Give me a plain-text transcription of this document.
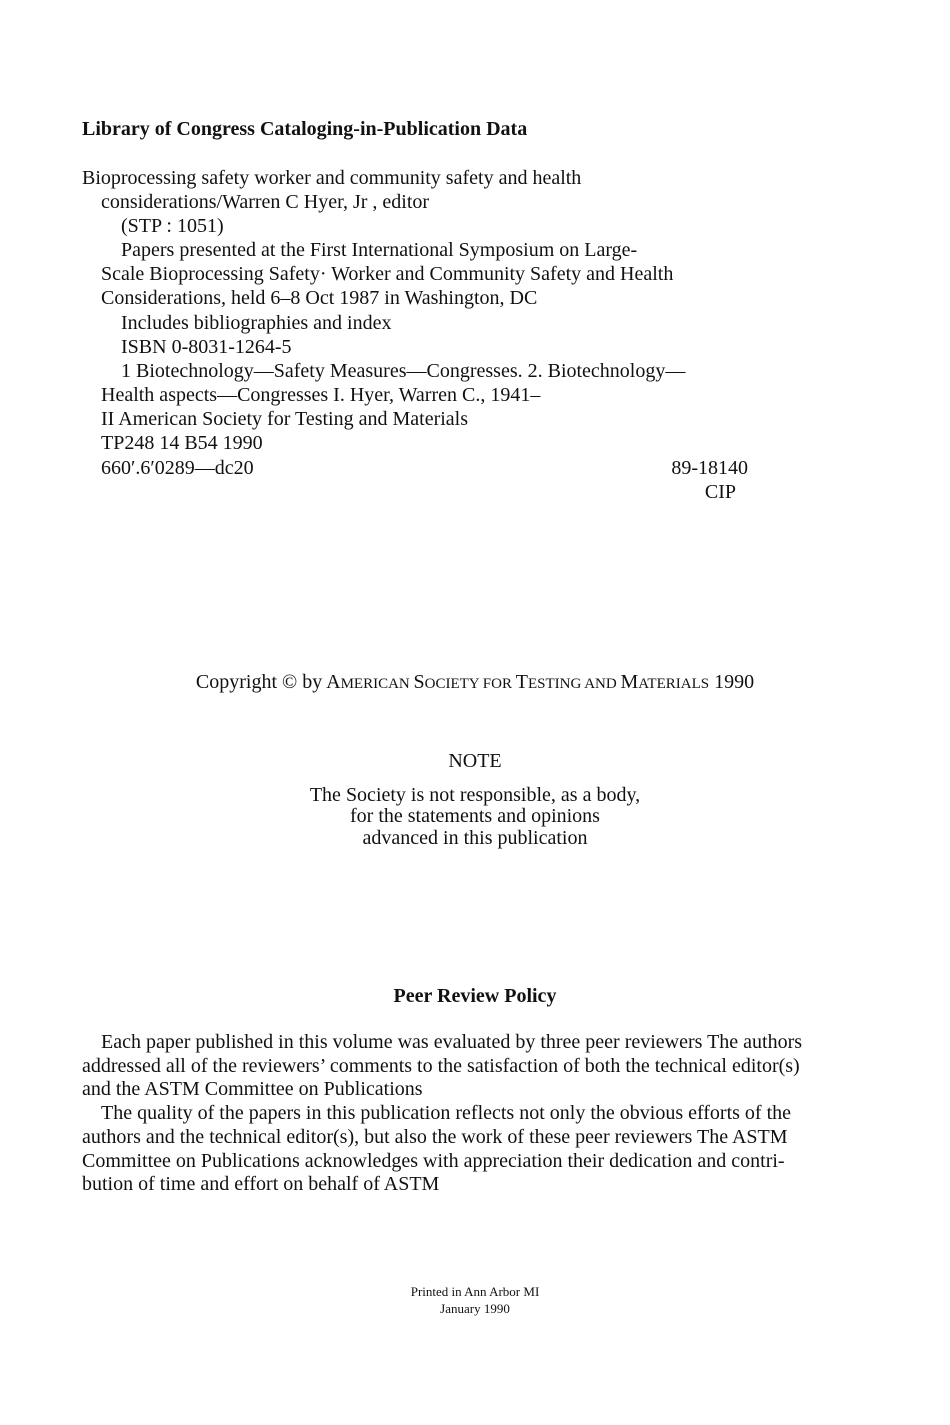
Library of Congress Cataloging-in-Publication Data
Bioprocessing safety worker and community safety and health
considerations/Warren C Hyer, Jr , editor
(STP : 1051)
Papers presented at the First International Symposium on Large-
Scale Bioprocessing Safety· Worker and Community Safety and Health
Considerations, held 6–8 Oct 1987 in Washington, DC
Includes bibliographies and index
ISBN 0-8031-1264-5
1 Biotechnology—Safety Measures—Congresses. 2. Biotechnology—
Health aspects—Congresses I. Hyer, Warren C., 1941–
II American Society for Testing and Materials
TP248 14 B54 1990
660′.6′0289—dc20	89-18140
CIP
Copyright © by AMERICAN SOCIETY FOR TESTING AND MATERIALS 1990
NOTE
The Society is not responsible, as a body,
for the statements and opinions
advanced in this publication
Peer Review Policy
Each paper published in this volume was evaluated by three peer reviewers The authors
addressed all of the reviewers’ comments to the satisfaction of both the technical editor(s)
and the ASTM Committee on Publications
The quality of the papers in this publication reflects not only the obvious efforts of the
authors and the technical editor(s), but also the work of these peer reviewers The ASTM
Committee on Publications acknowledges with appreciation their dedication and contri-
bution of time and effort on behalf of ASTM
Printed in Ann Arbor MI
January 1990
